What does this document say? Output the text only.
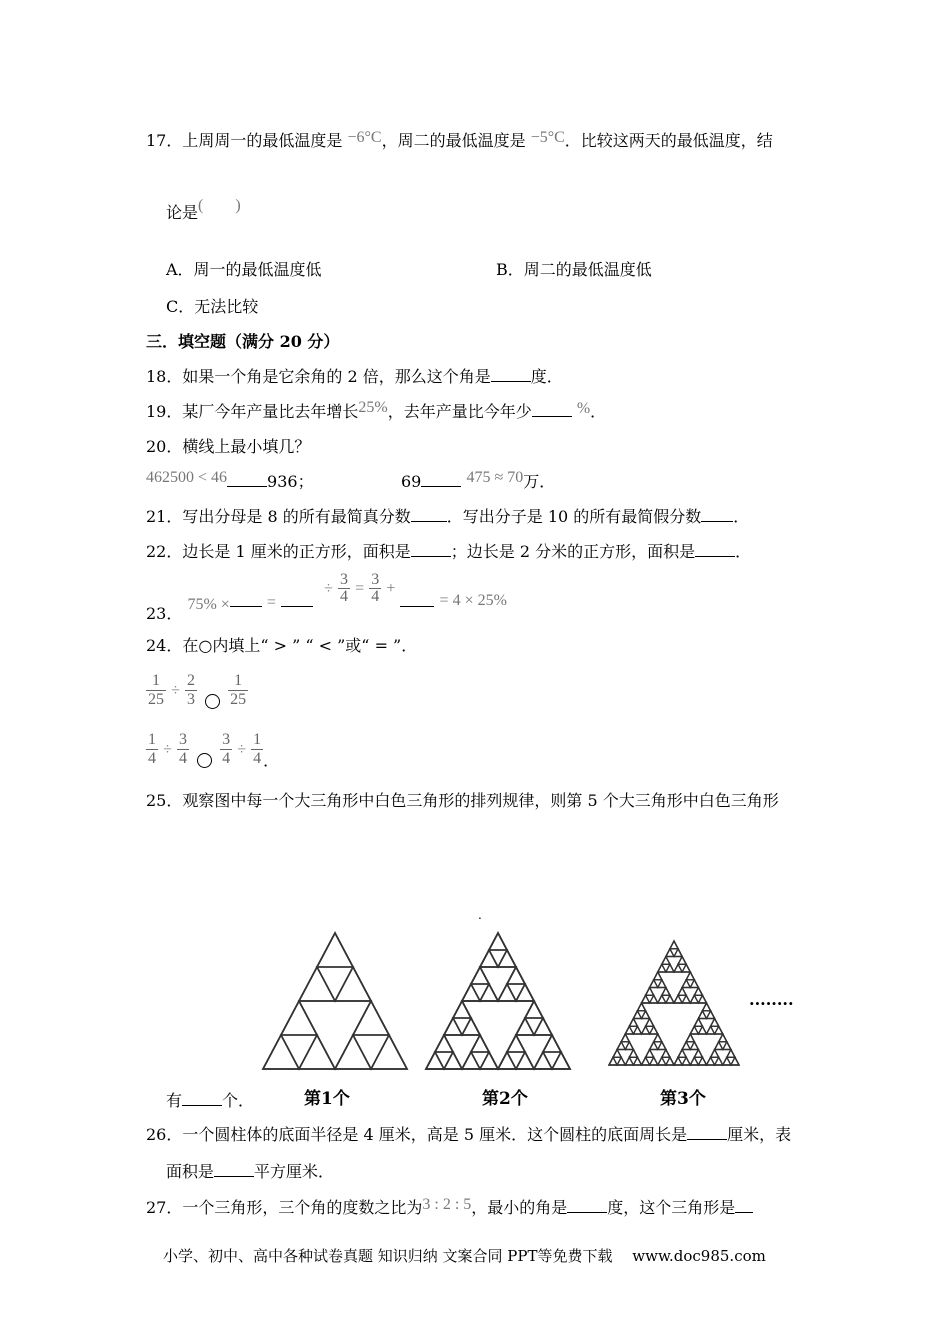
17．上周周一的最低温度是 −6°C，周二的最低温度是 −5°C．比较这两天的最低温度，结
论是(　　)
A．周一的最低温度低	B．周二的最低温度低
C．无法比较
三．填空题（满分 20 分）
18．如果一个角是它余角的 2 倍，那么这个角是	度．
19．某厂今年产量比去年增长25%，去年产量比今年少	%．
20．横线上最小填几？
462500 < 46	936；	69	475 ≈ 70万．
21．写出分母是 8 的所有最简真分数 ．写出分子是 10 的所有最简假分数 ．
22．边长是 1 厘米的正方形，面积是	；边长是 2 分米的正方形，面积是	．
23． 75% × =  ÷ $\frac{3}{4} = \frac{3}{4}$ +  = 4 × 25%
24．在○内填上“ > ” “ < ”或“ = ”．
$\frac{1}{25} \div \frac{2}{3}$
$\frac{1}{25}$
$\frac{1}{4} \div \frac{3}{4}$
$\frac{3}{4} \div \frac{1}{4}$ ．
25．观察图中每一个大三角形中白色三角形的排列规律，则第 5 个大三角形中白色三角形
.
........
第1个	第2个	第3个
有	个．
26．一个圆柱体的底面半径是 4 厘米，高是 5 厘米．这个圆柱的底面周长是	厘米，表
面积是	平方厘米．
27．一个三角形，三个角的度数之比为3 : 2 : 5，最小的角是	度，这个三角形是
小学、初中、高中各种试卷真题 知识归纳 文案合同 PPT等免费下载　 www.doc985.com
